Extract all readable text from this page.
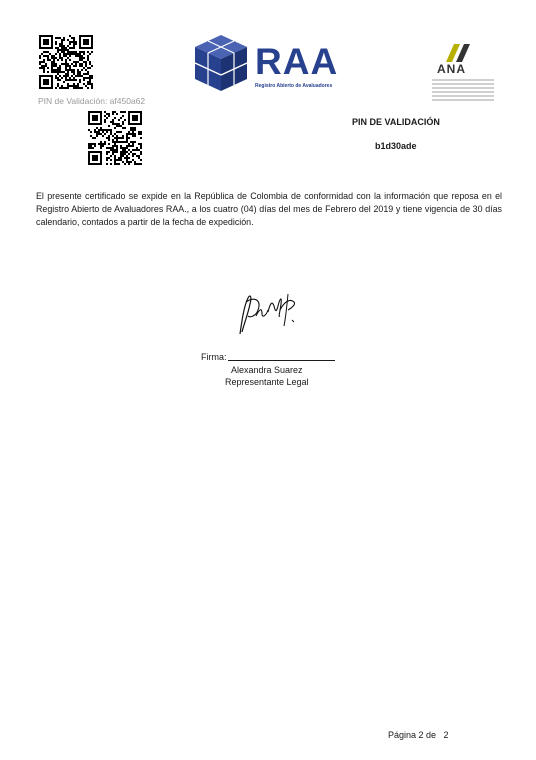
PIN de Validación: af450a62
RAA
Registro Abierto de Avaluadores
ANA
PIN DE VALIDACIÓN
b1d30ade
El presente certificado se expide en la República de Colombia de conformidad con la información que reposa en el Registro Abierto de Avaluadores RAA., a los cuatro (04) días del mes de Febrero del 2019 y tiene vigencia de 30 días calendario, contados a partir de la fecha de expedición.
Firma:
Alexandra Suarez
Representante Legal
Página 2 de   2
